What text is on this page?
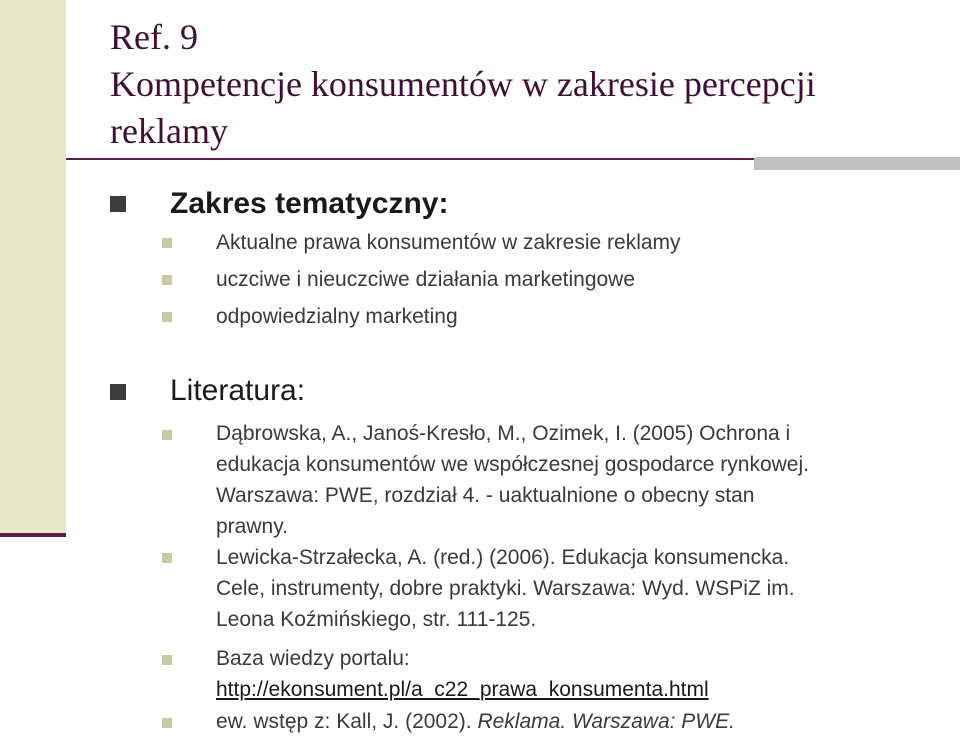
Ref. 9
Kompetencje konsumentów w zakresie percepcji
reklamy
Zakres tematyczny:
Aktualne prawa konsumentów w zakresie reklamy
uczciwe i nieuczciwe działania marketingowe
odpowiedzialny marketing
Literatura:
Dąbrowska, A., Janoś-Kresło, M., Ozimek, I. (2005) Ochrona i
edukacja konsumentów we współczesnej gospodarce rynkowej.
Warszawa: PWE, rozdział 4. - uaktualnione o obecny stan
prawny.
Lewicka-Strzałecka, A. (red.) (2006). Edukacja konsumencka.
Cele, instrumenty, dobre praktyki. Warszawa: Wyd. WSPiZ im.
Leona Koźmińskiego, str. 111-125.
Baza wiedzy portalu:
http://ekonsument.pl/a_c22_prawa_konsumenta.html
ew. wstęp z: Kall, J. (2002). Reklama. Warszawa: PWE.
